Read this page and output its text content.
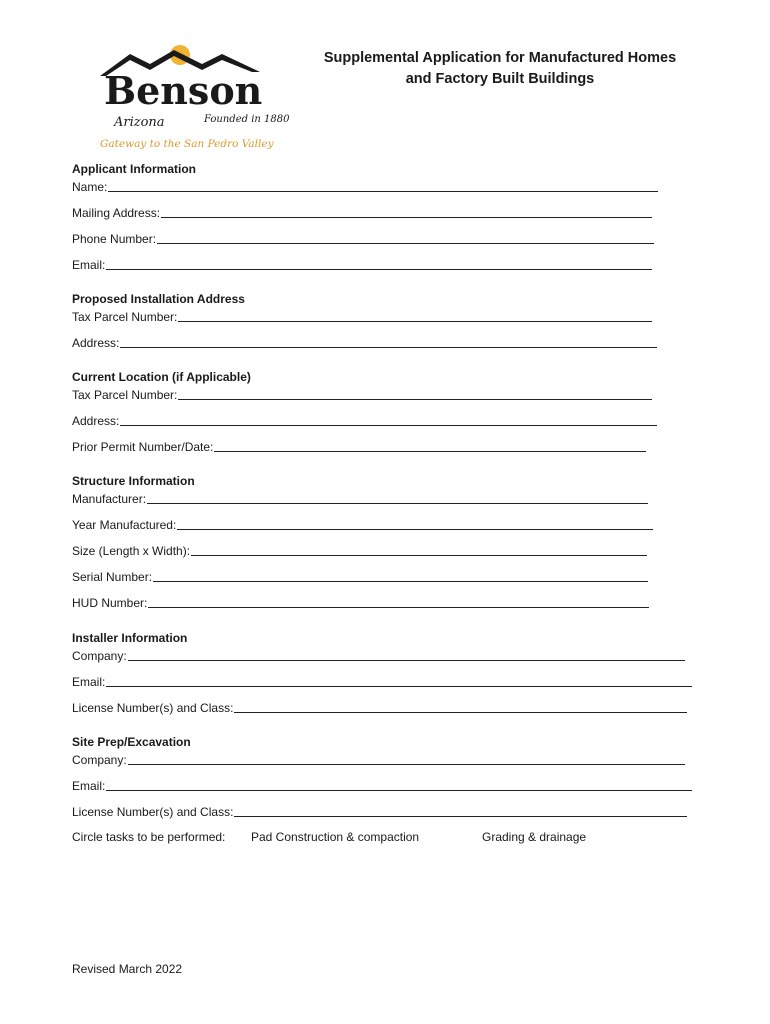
Benson
Arizona	Founded in 1880
Gateway to the San Pedro Valley
Supplemental Application for Manufactured Homes
and Factory Built Buildings
Applicant Information
Name:
Mailing Address:
Phone Number:
Email:
Proposed Installation Address
Tax Parcel Number:
Address:
Current Location (if Applicable)
Tax Parcel Number:
Address:
Prior Permit Number/Date:
Structure Information
Manufacturer:
Year Manufactured:
Size (Length x Width):
Serial Number:
HUD Number:
Installer Information
Company:
Email:
License Number(s) and Class:
Site Prep/Excavation
Company:
Email:
License Number(s) and Class:
Circle tasks to be performed: Pad Construction & compaction	Grading & drainage
Revised March 2022
